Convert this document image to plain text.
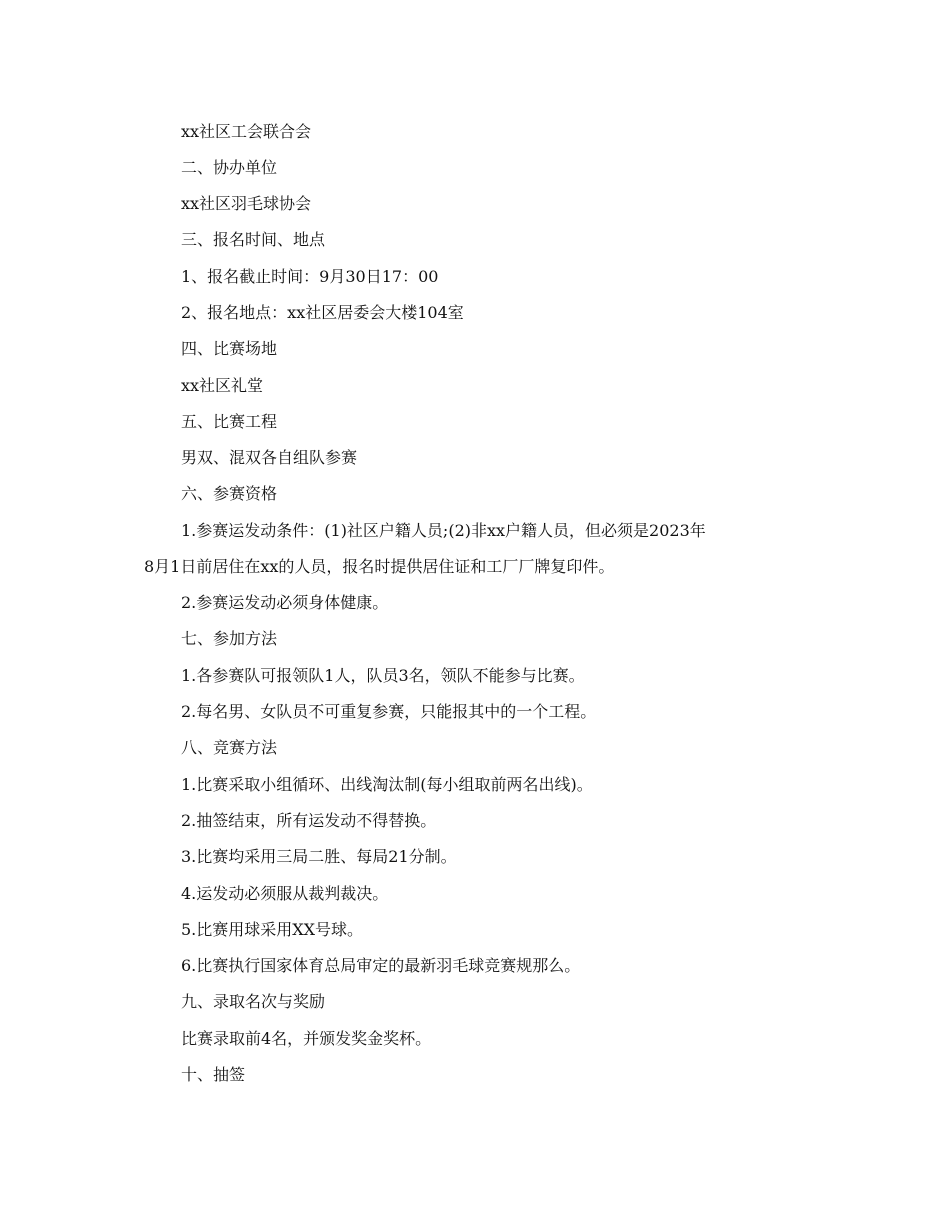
xx社区工会联合会
二、协办单位
xx社区羽毛球协会
三、报名时间、地点
1、报名截止时间：9月30日17：00
2、报名地点：xx社区居委会大楼104室
四、比赛场地
xx社区礼堂
五、比赛工程
男双、混双各自组队参赛
六、参赛资格
1.参赛运发动条件：(1)社区户籍人员;(2)非xx户籍人员，但必须是2023年
8月1日前居住在xx的人员，报名时提供居住证和工厂厂牌复印件。
2.参赛运发动必须身体健康。
七、参加方法
1.各参赛队可报领队1人，队员3名，领队不能参与比赛。
2.每名男、女队员不可重复参赛，只能报其中的一个工程。
八、竞赛方法
1.比赛采取小组循环、出线淘汰制(每小组取前两名出线)。
2.抽签结束，所有运发动不得替换。
3.比赛均采用三局二胜、每局21分制。
4.运发动必须服从裁判裁决。
5.比赛用球采用XX号球。
6.比赛执行国家体育总局审定的最新羽毛球竞赛规那么。
九、录取名次与奖励
比赛录取前4名，并颁发奖金奖杯。
十、抽签
